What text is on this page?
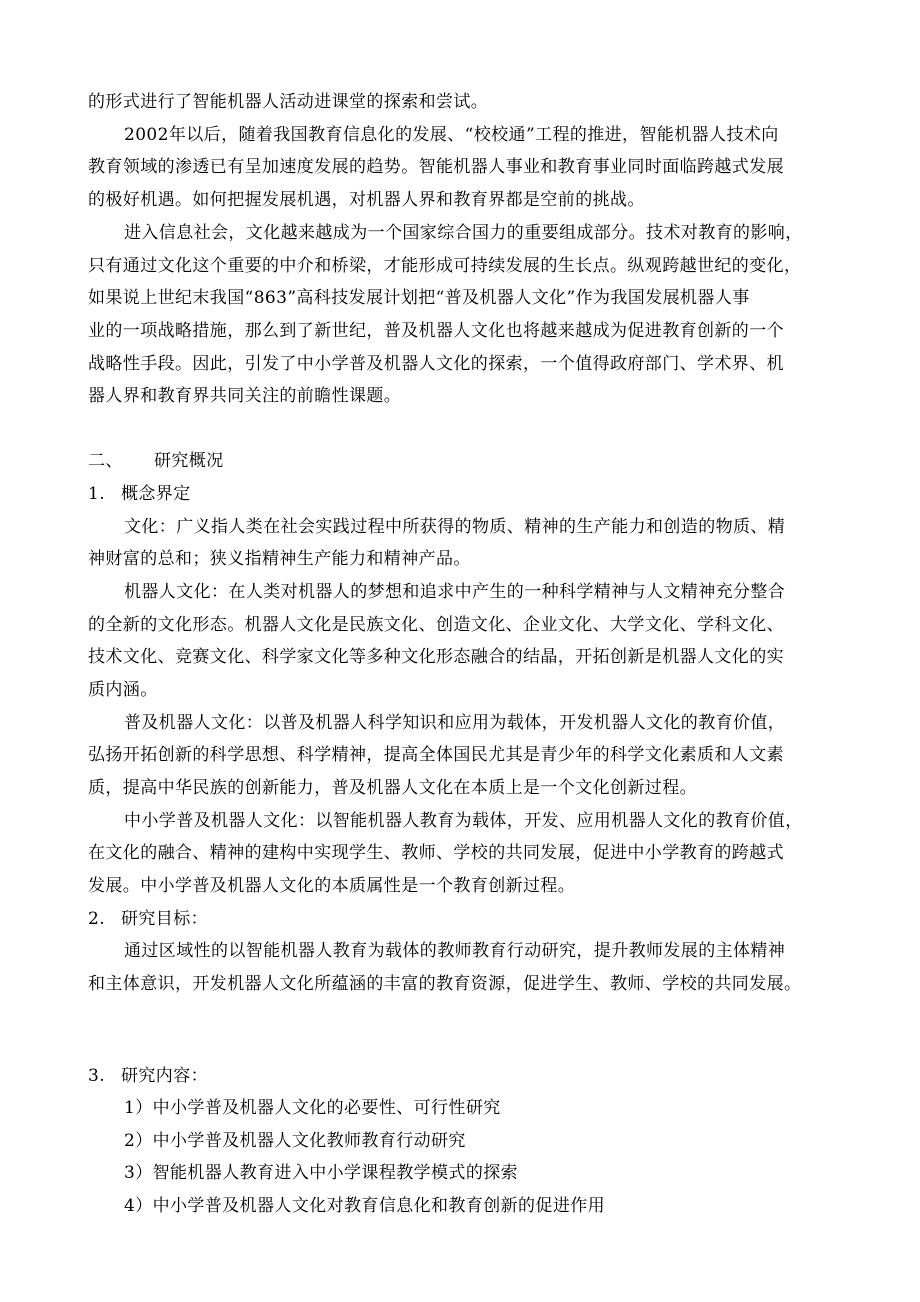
的形式进行了智能机器人活动进课堂的探索和尝试。
2002年以后，随着我国教育信息化的发展、“校校通”工程的推进，智能机器人技术向
教育领域的渗透已有呈加速度发展的趋势。智能机器人事业和教育事业同时面临跨越式发展
的极好机遇。如何把握发展机遇，对机器人界和教育界都是空前的挑战。
进入信息社会，文化越来越成为一个国家综合国力的重要组成部分。技术对教育的影响，
只有通过文化这个重要的中介和桥梁，才能形成可持续发展的生长点。纵观跨越世纪的变化，
如果说上世纪末我国“863”高科技发展计划把“普及机器人文化”作为我国发展机器人事
业的一项战略措施，那么到了新世纪，普及机器人文化也将越来越成为促进教育创新的一个
战略性手段。因此，引发了中小学普及机器人文化的探索，一个值得政府部门、学术界、机
器人界和教育界共同关注的前瞻性课题。
二、 研究概况
1. 概念界定
文化：广义指人类在社会实践过程中所获得的物质、精神的生产能力和创造的物质、精
神财富的总和；狭义指精神生产能力和精神产品。
机器人文化：在人类对机器人的梦想和追求中产生的一种科学精神与人文精神充分整合
的全新的文化形态。机器人文化是民族文化、创造文化、企业文化、大学文化、学科文化、
技术文化、竞赛文化、科学家文化等多种文化形态融合的结晶，开拓创新是机器人文化的实
质内涵。
普及机器人文化：以普及机器人科学知识和应用为载体，开发机器人文化的教育价值，
弘扬开拓创新的科学思想、科学精神，提高全体国民尤其是青少年的科学文化素质和人文素
质，提高中华民族的创新能力，普及机器人文化在本质上是一个文化创新过程。
中小学普及机器人文化：以智能机器人教育为载体，开发、应用机器人文化的教育价值，
在文化的融合、精神的建构中实现学生、教师、学校的共同发展，促进中小学教育的跨越式
发展。中小学普及机器人文化的本质属性是一个教育创新过程。
2. 研究目标：
通过区域性的以智能机器人教育为载体的教师教育行动研究，提升教师发展的主体精神
和主体意识，开发机器人文化所蕴涵的丰富的教育资源，促进学生、教师、学校的共同发展。
3. 研究内容：
1）中小学普及机器人文化的必要性、可行性研究
2）中小学普及机器人文化教师教育行动研究
3）智能机器人教育进入中小学课程教学模式的探索
4）中小学普及机器人文化对教育信息化和教育创新的促进作用
